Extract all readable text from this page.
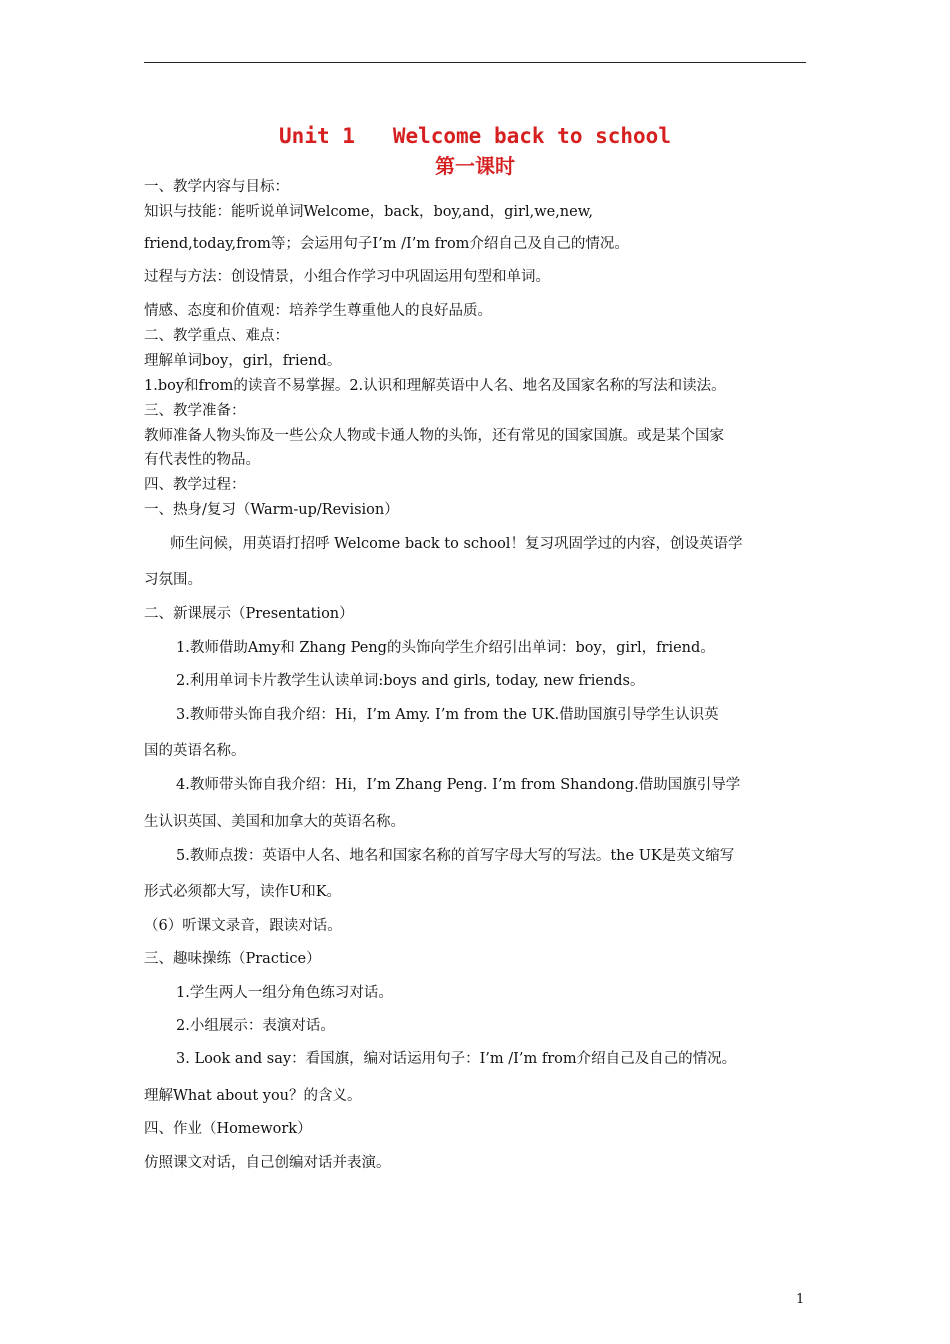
Unit 1   Welcome back to school
第一课时
一、教学内容与目标：
知识与技能：能听说单词Welcome，back，boy,and，girl,we,new,
friend,today,from等；会运用句子I’m /I’m from介绍自己及自己的情况。
过程与方法：创设情景，小组合作学习中巩固运用句型和单词。
情感、态度和价值观：培养学生尊重他人的良好品质。
二、教学重点、难点：
理解单词boy，girl，friend。
1.boy和from的读音不易掌握。2.认识和理解英语中人名、地名及国家名称的写法和读法。
三、教学准备：
教师准备人物头饰及一些公众人物或卡通人物的头饰，还有常见的国家国旗。或是某个国家
有代表性的物品。
四、教学过程：
一、热身/复习（Warm-up/Revision）
师生问候，用英语打招呼 Welcome back to school！复习巩固学过的内容，创设英语学
习氛围。
二、新课展示（Presentation）
1.教师借助Amy和 Zhang Peng的头饰向学生介绍引出单词：boy，girl，friend。
2.利用单词卡片教学生认读单词:boys and girls, today, new friends。
3.教师带头饰自我介绍：Hi，I’m Amy. I’m from the UK.借助国旗引导学生认识英
国的英语名称。
4.教师带头饰自我介绍：Hi，I’m Zhang Peng. I’m from Shandong.借助国旗引导学
生认识英国、美国和加拿大的英语名称。
5.教师点拨：英语中人名、地名和国家名称的首写字母大写的写法。the UK是英文缩写
形式必须都大写，读作U和K。
（6）听课文录音，跟读对话。
三、趣味操练（Practice）
1.学生两人一组分角色练习对话。
2.小组展示：表演对话。
3. Look and say：看国旗，编对话运用句子：I’m /I’m from介绍自己及自己的情况。
理解What about you？的含义。
四、作业（Homework）
仿照课文对话，自己创编对话并表演。
1
